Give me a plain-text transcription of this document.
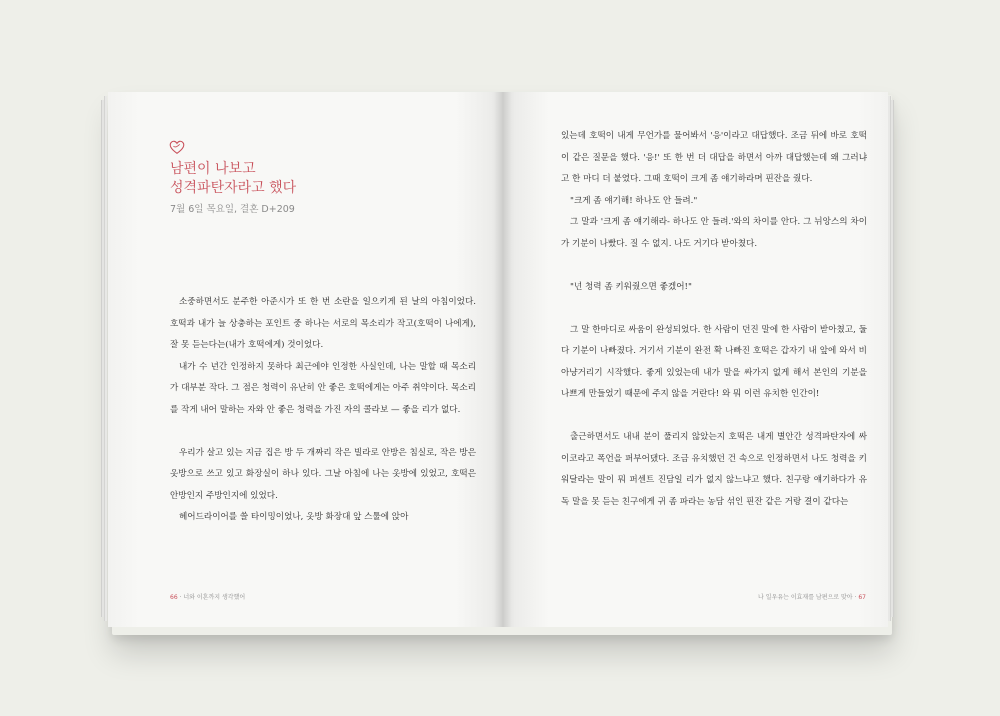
남편이 나보고
성격파탄자라고 했다
7월 6일 목요일, 결혼 D+209

소중하면서도 분주한 아준시가 또 한 번 소란을 일으키게 된 날의 아침이었다. 호떡과 내가 늘 상충하는 포인트 중 하나는 서로의 목소리가 작고(호떡이 나에게), 잘 못 듣는다는(내가 호떡에게) 것이었다.

내가 수 년간 인정하지 못하다 최근에야 인정한 사실인데, 나는 말할 때 목소리가 대부분 작다. 그 점은 청력이 유난히 안 좋은 호떡에게는 아주 취약이다. 목소리를 작게 내어 말하는 자와 안 좋은 청력을 가진 자의 콜라보 — 좋을 리가 없다.

우리가 살고 있는 지금 집은 방 두 개짜리 작은 빌라로 안방은 침실로, 작은 방은 옷방으로 쓰고 있고 화장실이 하나 있다. 그날 아침에 나는 옷방에 있었고, 호떡은 안방인지 주방인지에 있었다.

헤어드라이어를 쓸 타이밍이었나, 옷방 화장대 앞 스툴에 앉아

66 · 너와 이혼까지 생각했어

있는데 호떡이 내게 무언가를 물어봐서 '응'이라고 대답했다. 조금 뒤에 바로 호떡이 같은 질문을 했다. '응!' 또 한 번 더 대답을 하면서 아까 대답했는데 왜 그러냐고 한 마디 더 붙였다. 그때 호떡이 크게 좀 얘기하라며 핀잔을 줬다.

"크게 좀 얘기해! 하나도 안 들려."

그 말과 '크게 좀 얘기해라- 하나도 안 들려.'와의 차이를 안다. 그 뉘앙스의 차이가 기분이 나빴다. 질 수 없지. 나도 거기다 받아쳤다.

"넌 청력 좀 키워줬으면 좋겠어!"

그 말 한마디로 싸움이 완성되었다. 한 사람이 던진 말에 한 사람이 받아쳤고, 둘 다 기분이 나빠졌다. 거기서 기분이 완전 확 나빠진 호떡은 갑자기 내 앞에 와서 비아냥거리기 시작했다. 좋게 있었는데 내가 말을 싸가지 없게 해서 본인의 기분을 나쁘게 만들었기 때문에 주지 않을 거란다! 와 뭐 이런 유치한 인간이!

출근하면서도 내내 분이 풀리지 않았는지 호떡은 내게 별안간 성격파탄자에 싸이코라고 폭언을 퍼부어댔다. 조금 유치했던 건 속으로 인정하면서 나도 청력을 키워달라는 말이 뭐 퍼센트 진담일 리가 없지 않느냐고 했다. 친구랑 얘기하다가 유독 말을 못 듣는 친구에게 귀 좀 파라는 농담 섞인 핀잔 같은 거랑 결이 같다는

나 일우유는 이효재를 남편으로 맞아 · 67
